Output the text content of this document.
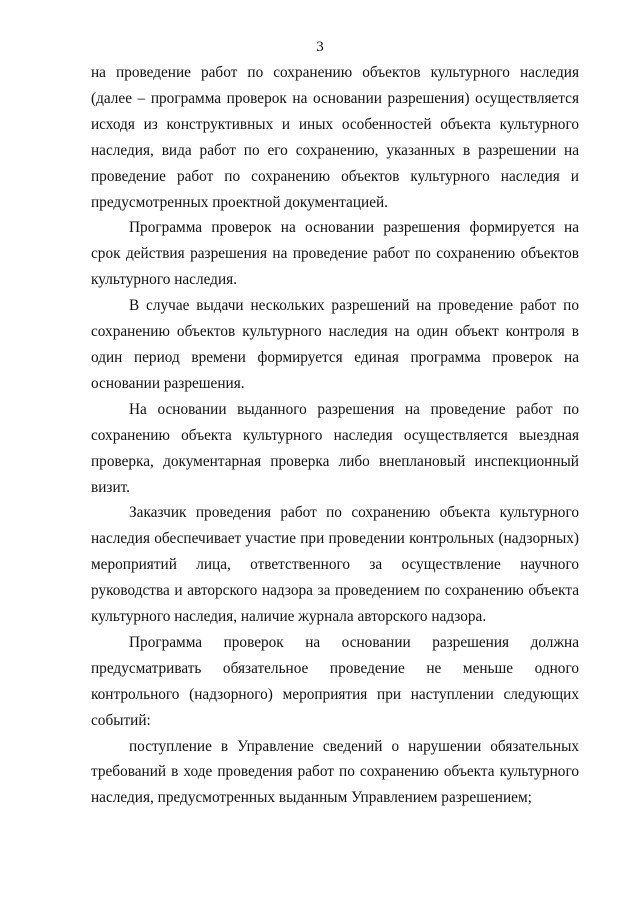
3

на проведение работ по сохранению объектов культурного наследия (далее – программа проверок на основании разрешения) осуществляется исходя из конструктивных и иных особенностей объекта культурного наследия, вида работ по его сохранению, указанных в разрешении на проведение работ по сохранению объектов культурного наследия и предусмотренных проектной документацией.

Программа проверок на основании разрешения формируется на срок действия разрешения на проведение работ по сохранению объектов культурного наследия.

В случае выдачи нескольких разрешений на проведение работ по сохранению объектов культурного наследия на один объект контроля в один период времени формируется единая программа проверок на основании разрешения.

На основании выданного разрешения на проведение работ по сохранению объекта культурного наследия осуществляется выездная проверка, документарная проверка либо внеплановый инспекционный визит.

Заказчик проведения работ по сохранению объекта культурного наследия обеспечивает участие при проведении контрольных (надзорных) мероприятий лица, ответственного за осуществление научного руководства и авторского надзора за проведением по сохранению объекта культурного наследия, наличие журнала авторского надзора.

Программа проверок на основании разрешения должна предусматривать обязательное проведение не меньше одного контрольного (надзорного) мероприятия при наступлении следующих событий:

поступление в Управление сведений о нарушении обязательных требований в ходе проведения работ по сохранению объекта культурного наследия, предусмотренных выданным Управлением разрешением;
